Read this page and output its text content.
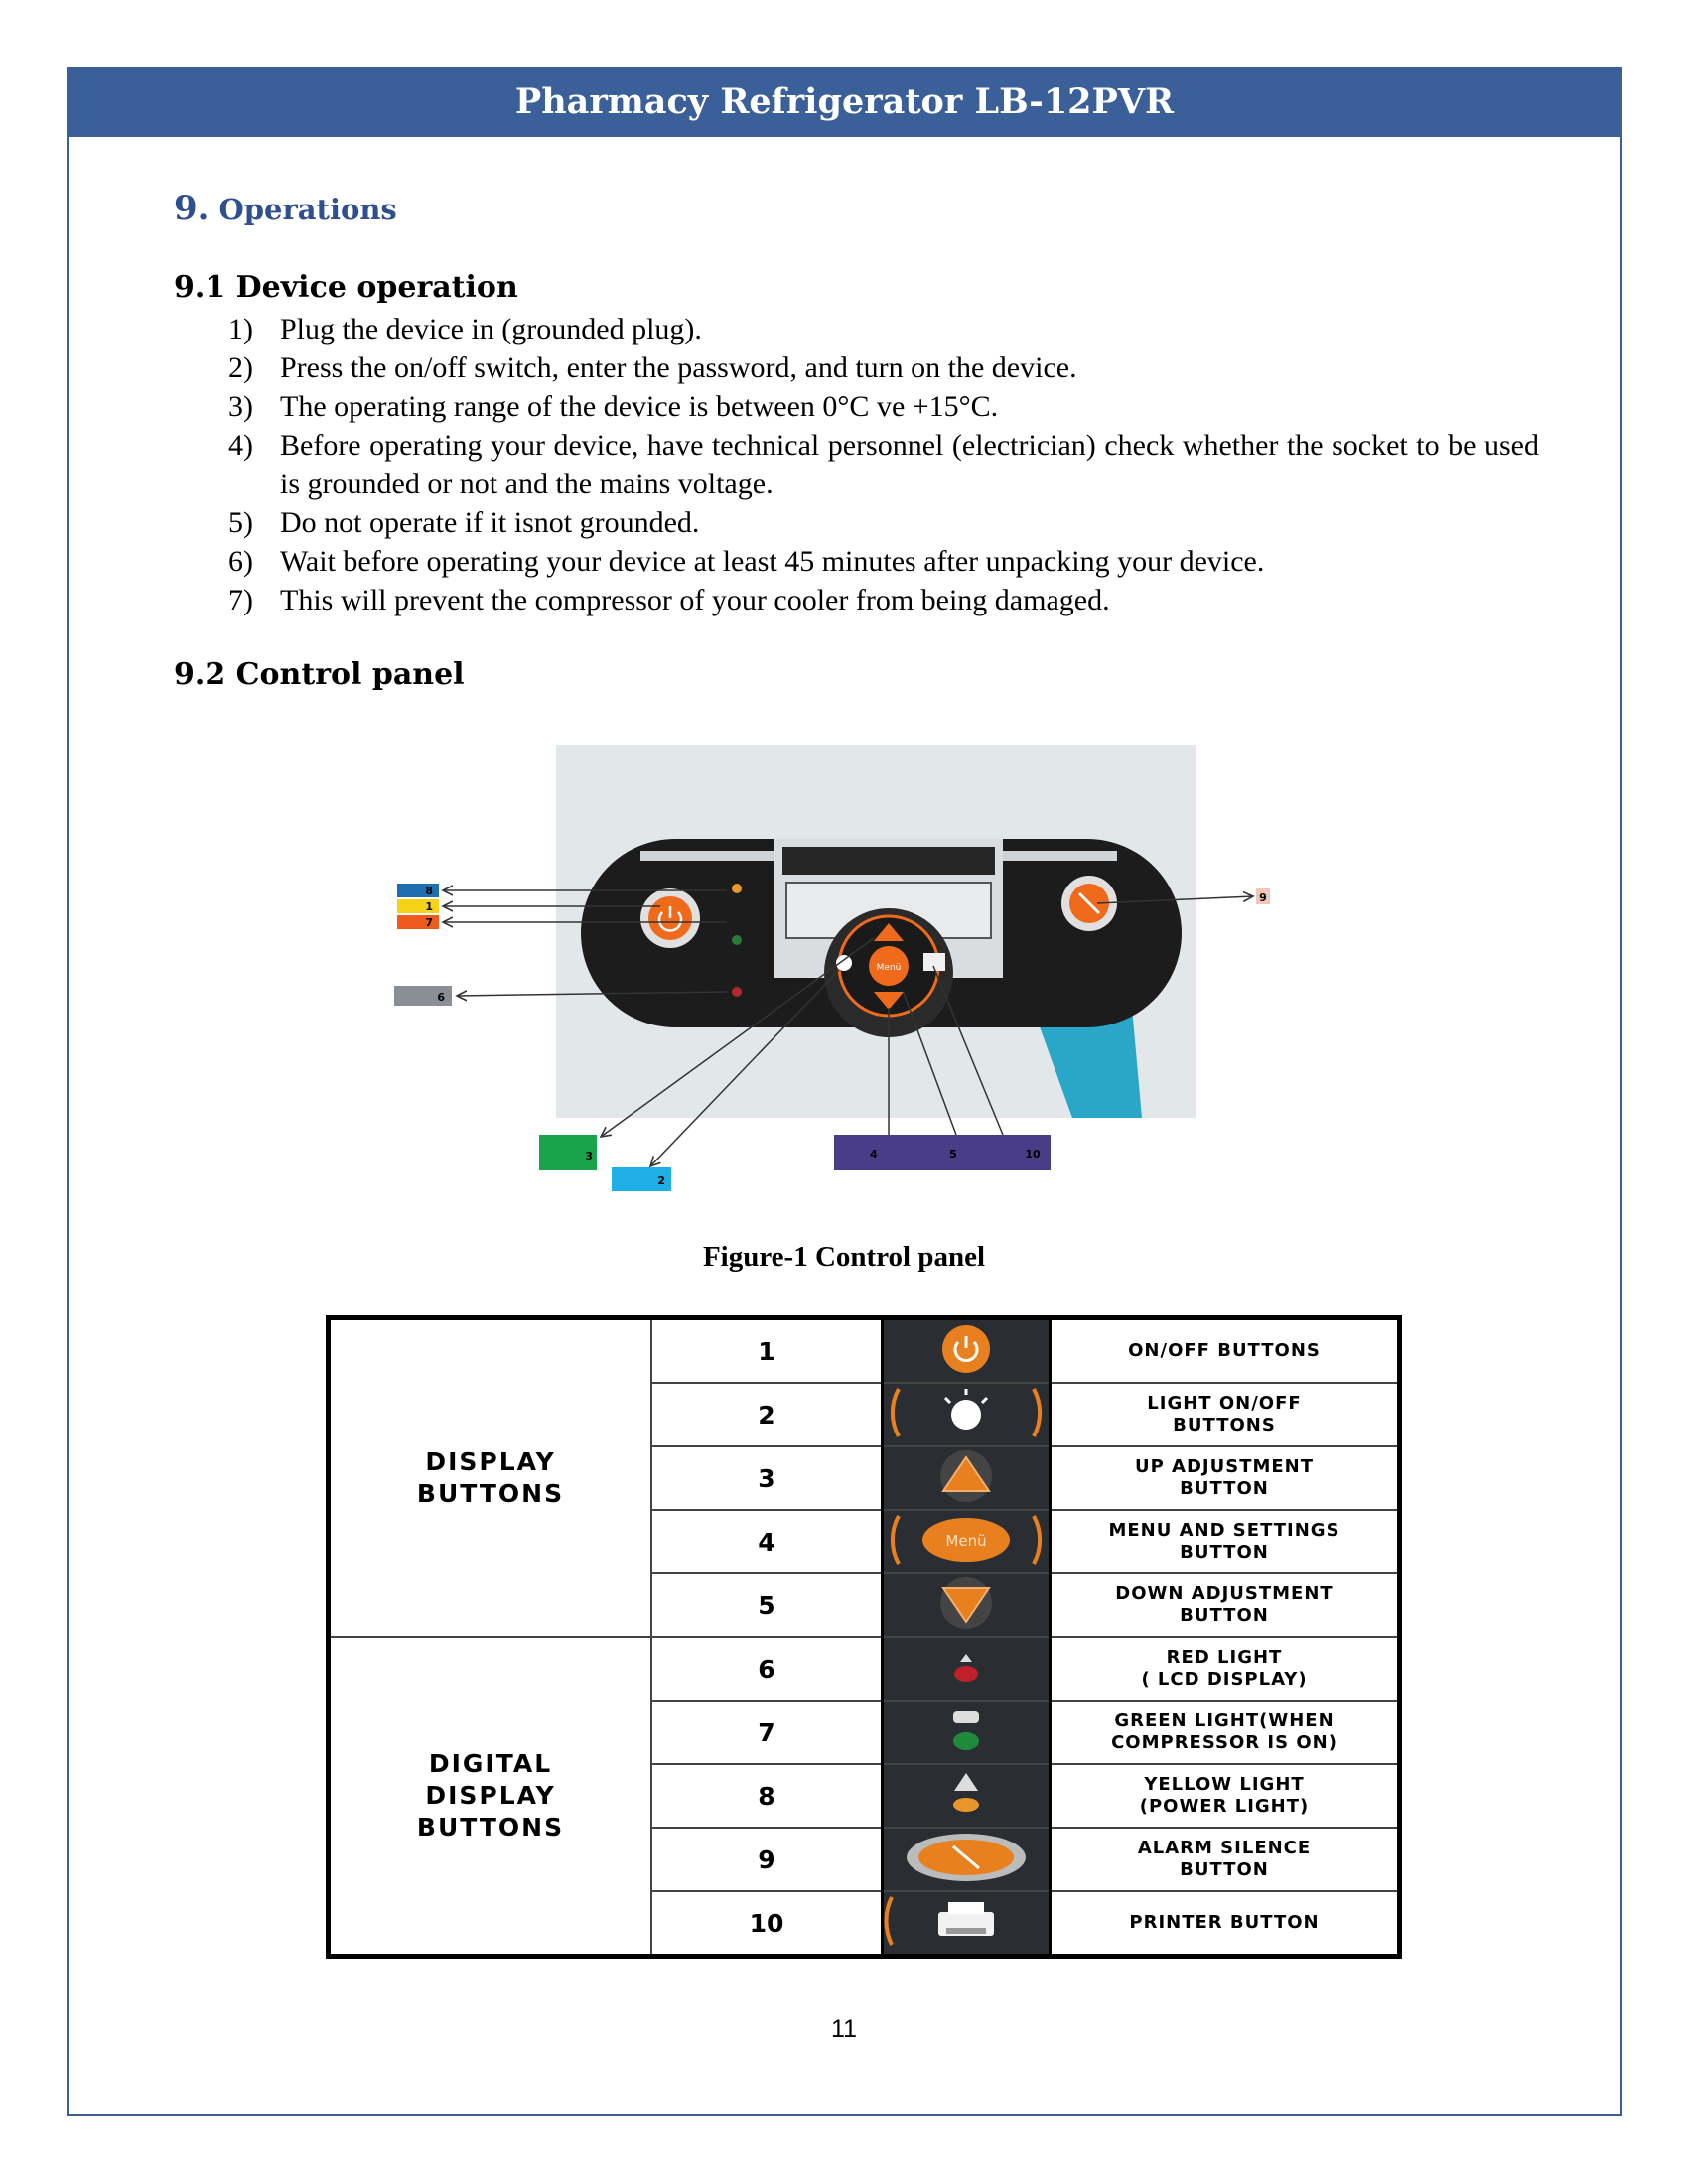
Pharmacy Refrigerator LB-12PVR
9. Operations
9.1 Device operation
1) Plug the device in (grounded plug).
2) Press the on/off switch, enter the password, and turn on the device.
3) The operating range of the device is between 0°C ve +15°C.
4) Before operating your device, have technical personnel (electrician) check whether the socket to be used is grounded or not and the mains voltage.
5) Do not operate if it isnot grounded.
6) Wait before operating your device at least 45 minutes after unpacking your device.
7) This will prevent the compressor of your cooler from being damaged.
9.2 Control panel
Menü
8
1
7
6
9
3
2
4	5	10
Figure-1 Control panel
DISPLAY
BUTTONS	1		ON/OFF BUTTONS
	2		LIGHT ON/OFF
BUTTONS
	3		UP ADJUSTMENT
BUTTON
	4	Menü	MENU AND SETTINGS
BUTTON
	5		DOWN ADJUSTMENT
BUTTON
DIGITAL
DISPLAY
BUTTONS	6		RED LIGHT
( LCD DISPLAY)
	7		GREEN LIGHT(WHEN
COMPRESSOR IS ON)
	8		YELLOW LIGHT
(POWER LIGHT)
	9		ALARM SILENCE
BUTTON
	10		PRINTER BUTTON
11
